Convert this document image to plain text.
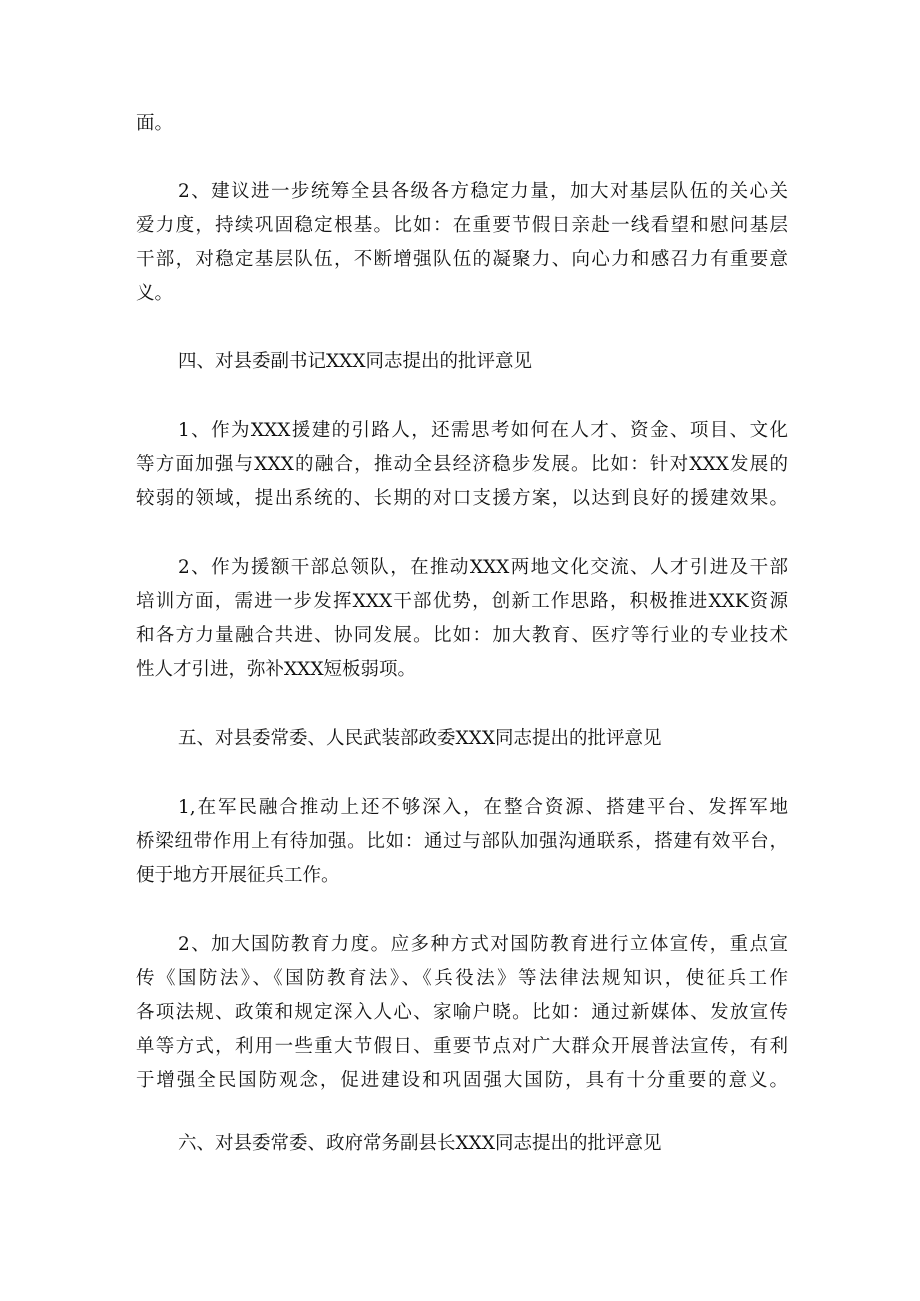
面。
2、建议进一步统筹全县各级各方稳定力量，加大对基层队伍的关心关
爱力度，持续巩固稳定根基。比如：在重要节假日亲赴一线看望和慰问基层
干部，对稳定基层队伍，不断增强队伍的凝聚力、向心力和感召力有重要意
义。
四、对县委副书记XXX同志提出的批评意见
1、作为XXX援建的引路人，还需思考如何在人才、资金、项目、文化
等方面加强与XXX的融合，推动全县经济稳步发展。比如：针对XXX发展的
较弱的领域，提出系统的、长期的对口支援方案，以达到良好的援建效果。
2、作为援额干部总领队，在推动XXX两地文化交流、人才引进及干部
培训方面，需进一步发挥XXX干部优势，创新工作思路，积极推进XXK资源
和各方力量融合共进、协同发展。比如：加大教育、医疗等行业的专业技术
性人才引进，弥补XXX短板弱项。
五、对县委常委、人民武装部政委XXX同志提出的批评意见
1,在军民融合推动上还不够深入，在整合资源、搭建平台、发挥军地
桥梁纽带作用上有待加强。比如：通过与部队加强沟通联系，搭建有效平台，
便于地方开展征兵工作。
2、加大国防教育力度。应多种方式对国防教育进行立体宣传，重点宣
传《国防法》、《国防教育法》、《兵役法》等法律法规知识，使征兵工作
各项法规、政策和规定深入人心、家喻户晓。比如：通过新媒体、发放宣传
单等方式，利用一些重大节假日、重要节点对广大群众开展普法宣传，有利
于增强全民国防观念，促进建设和巩固强大国防，具有十分重要的意义。
六、对县委常委、政府常务副县长XXX同志提出的批评意见
